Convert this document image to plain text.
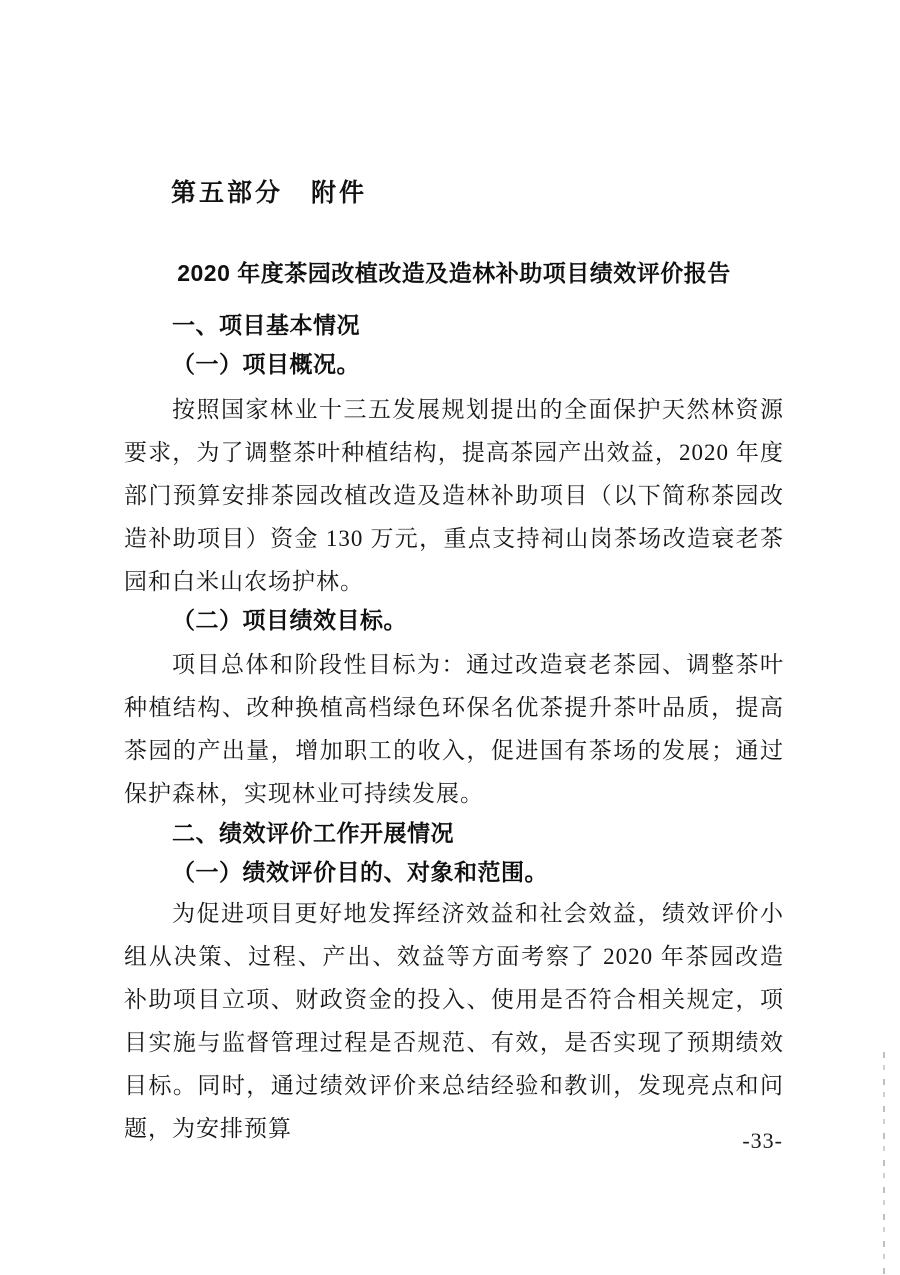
第五部分　附件
2020 年度茶园改植改造及造林补助项目绩效评价报告
一、项目基本情况
（一）项目概况。

按照国家林业十三五发展规划提出的全面保护天然林资源要求，为了调整茶叶种植结构，提高茶园产出效益，2020 年度部门预算安排茶园改植改造及造林补助项目（以下简称茶园改造补助项目）资金 130 万元，重点支持祠山岗茶场改造衰老茶园和白米山农场护林。

（二）项目绩效目标。

项目总体和阶段性目标为：通过改造衰老茶园、调整茶叶种植结构、改种换植高档绿色环保名优茶提升茶叶品质，提高茶园的产出量，增加职工的收入，促进国有茶场的发展；通过保护森林，实现林业可持续发展。

二、绩效评价工作开展情况
（一）绩效评价目的、对象和范围。

为促进项目更好地发挥经济效益和社会效益，绩效评价小组从决策、过程、产出、效益等方面考察了 2020 年茶园改造补助项目立项、财政资金的投入、使用是否符合相关规定，项目实施与监督管理过程是否规范、有效，是否实现了预期绩效目标。同时，通过绩效评价来总结经验和教训，发现亮点和问题，为安排预算	-33-
